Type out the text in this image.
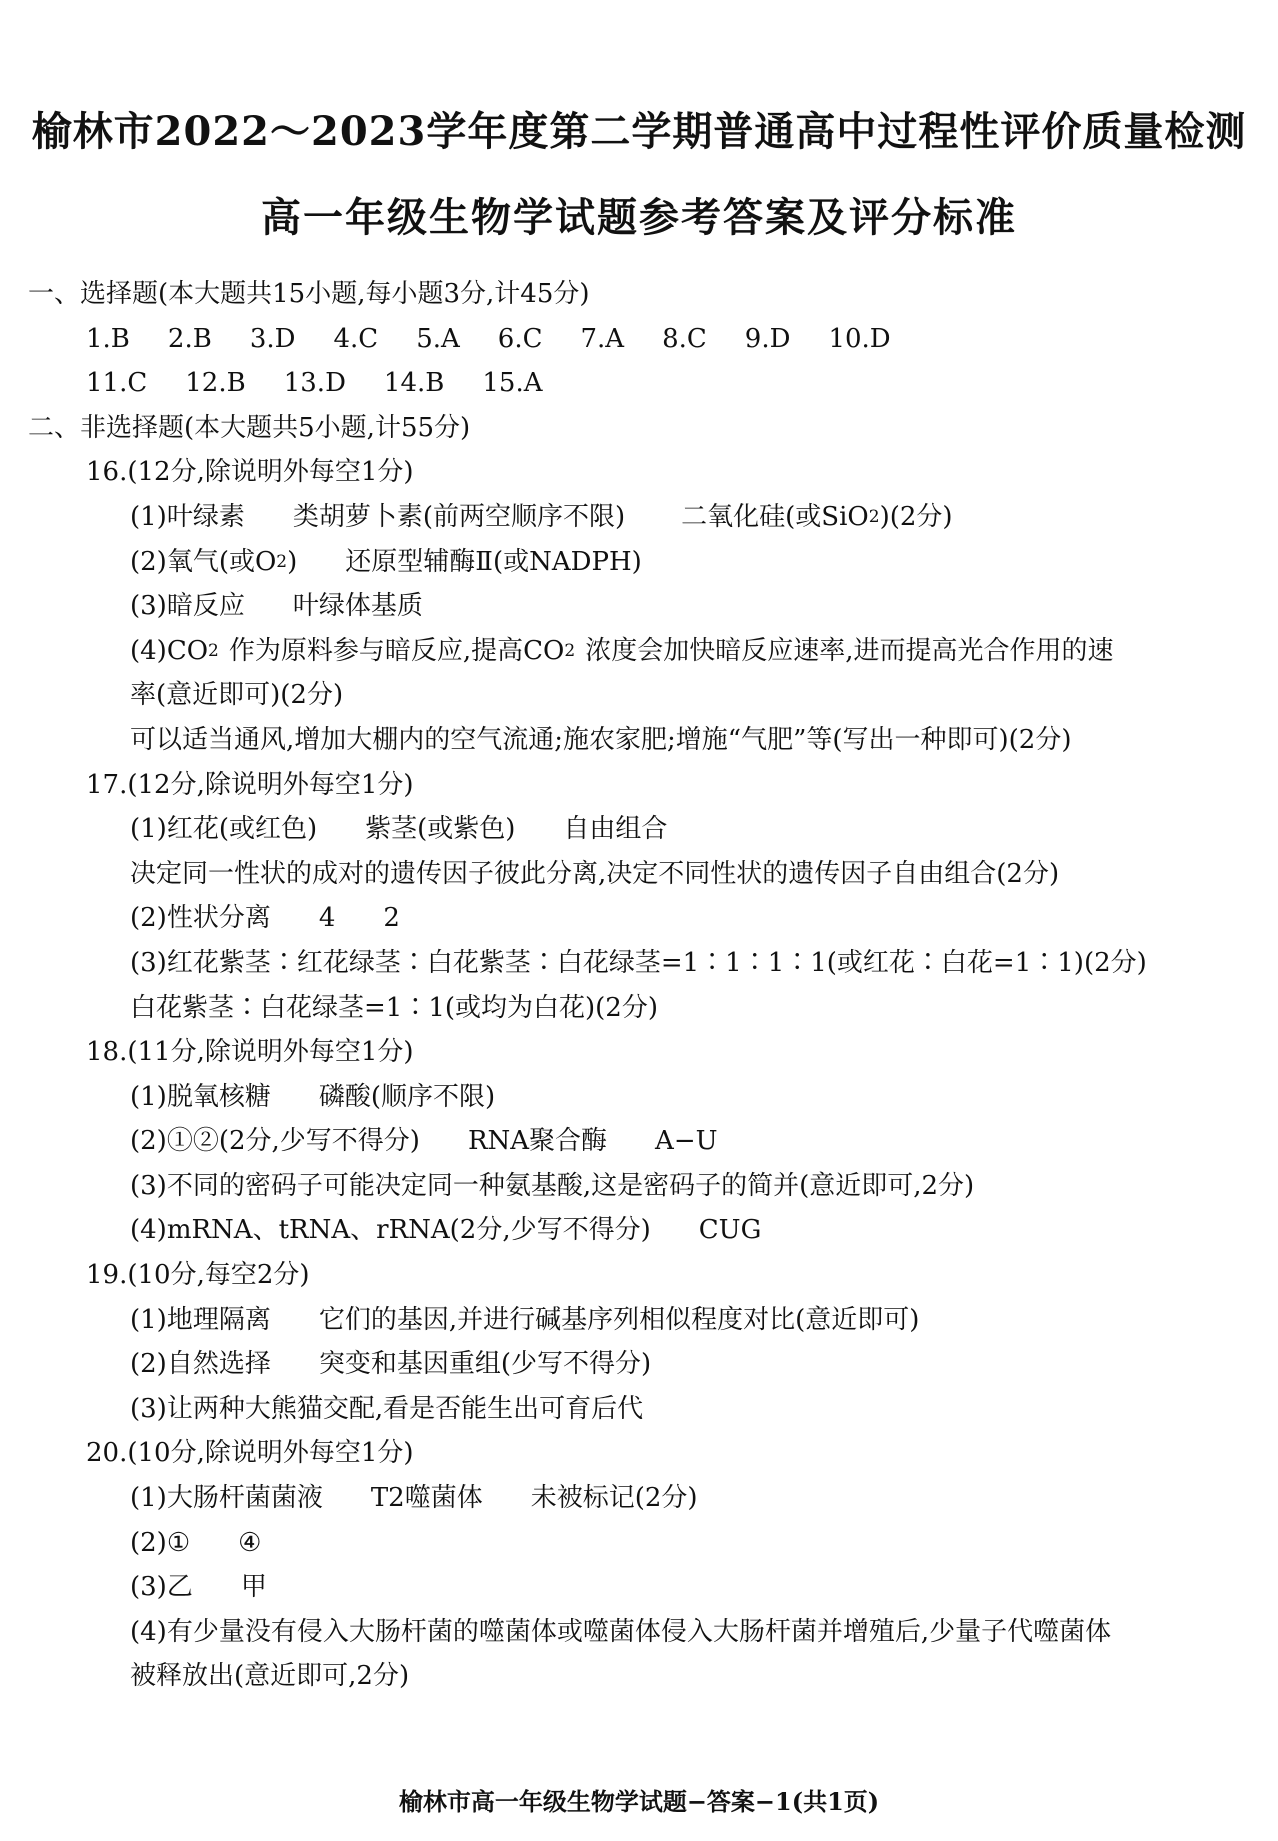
榆林市2022～2023学年度第二学期普通高中过程性评价质量检测
高一年级生物学试题参考答案及评分标准
一、选择题(本大题共15小题,每小题3分,计45分)
1.B 2.B 3.D 4.C 5.A 6.C 7.A 8.C 9.D 10.D
11.C 12.B 13.D 14.B 15.A
二、非选择题(本大题共5小题,计55分)
16.(12分,除说明外每空1分)
(1)叶绿素 类胡萝卜素(前两空顺序不限) 二氧化硅(或SiO 2 )(2分)
(2)氧气(或O 2 ) 还原型辅酶Ⅱ(或NADPH)
(3)暗反应 叶绿体基质
(4)CO 2 作为原料参与暗反应,提高CO 2 浓度会加快暗反应速率,进而提高光合作用的速
率(意近即可)(2分)
可以适当通风,增加大棚内的空气流通;施农家肥;增施“气肥”等(写出一种即可)(2分)
17.(12分,除说明外每空1分)
(1)红花(或红色) 紫茎(或紫色) 自由组合
决定同一性状的成对的遗传因子彼此分离,决定不同性状的遗传因子自由组合(2分)
(2)性状分离 4 2
(3)红花紫茎∶红花绿茎∶白花紫茎∶白花绿茎=1∶1∶1∶1(或红花∶白花=1∶1)(2分)
白花紫茎∶白花绿茎=1∶1(或均为白花)(2分)
18.(11分,除说明外每空1分)
(1)脱氧核糖 磷酸(顺序不限)
(2)①②(2分,少写不得分) RNA聚合酶 A−U
(3)不同的密码子可能决定同一种氨基酸,这是密码子的简并(意近即可,2分)
(4)mRNA、tRNA、rRNA(2分,少写不得分) CUG
19.(10分,每空2分)
(1)地理隔离 它们的基因,并进行碱基序列相似程度对比(意近即可)
(2)自然选择 突变和基因重组(少写不得分)
(3)让两种大熊猫交配,看是否能生出可育后代
20.(10分,除说明外每空1分)
(1)大肠杆菌菌液 T2噬菌体 未被标记(2分)
(2)① ④
(3)乙 甲
(4)有少量没有侵入大肠杆菌的噬菌体或噬菌体侵入大肠杆菌并增殖后,少量子代噬菌体
被释放出(意近即可,2分)
榆林市高一年级生物学试题−答案−1(共1页)
